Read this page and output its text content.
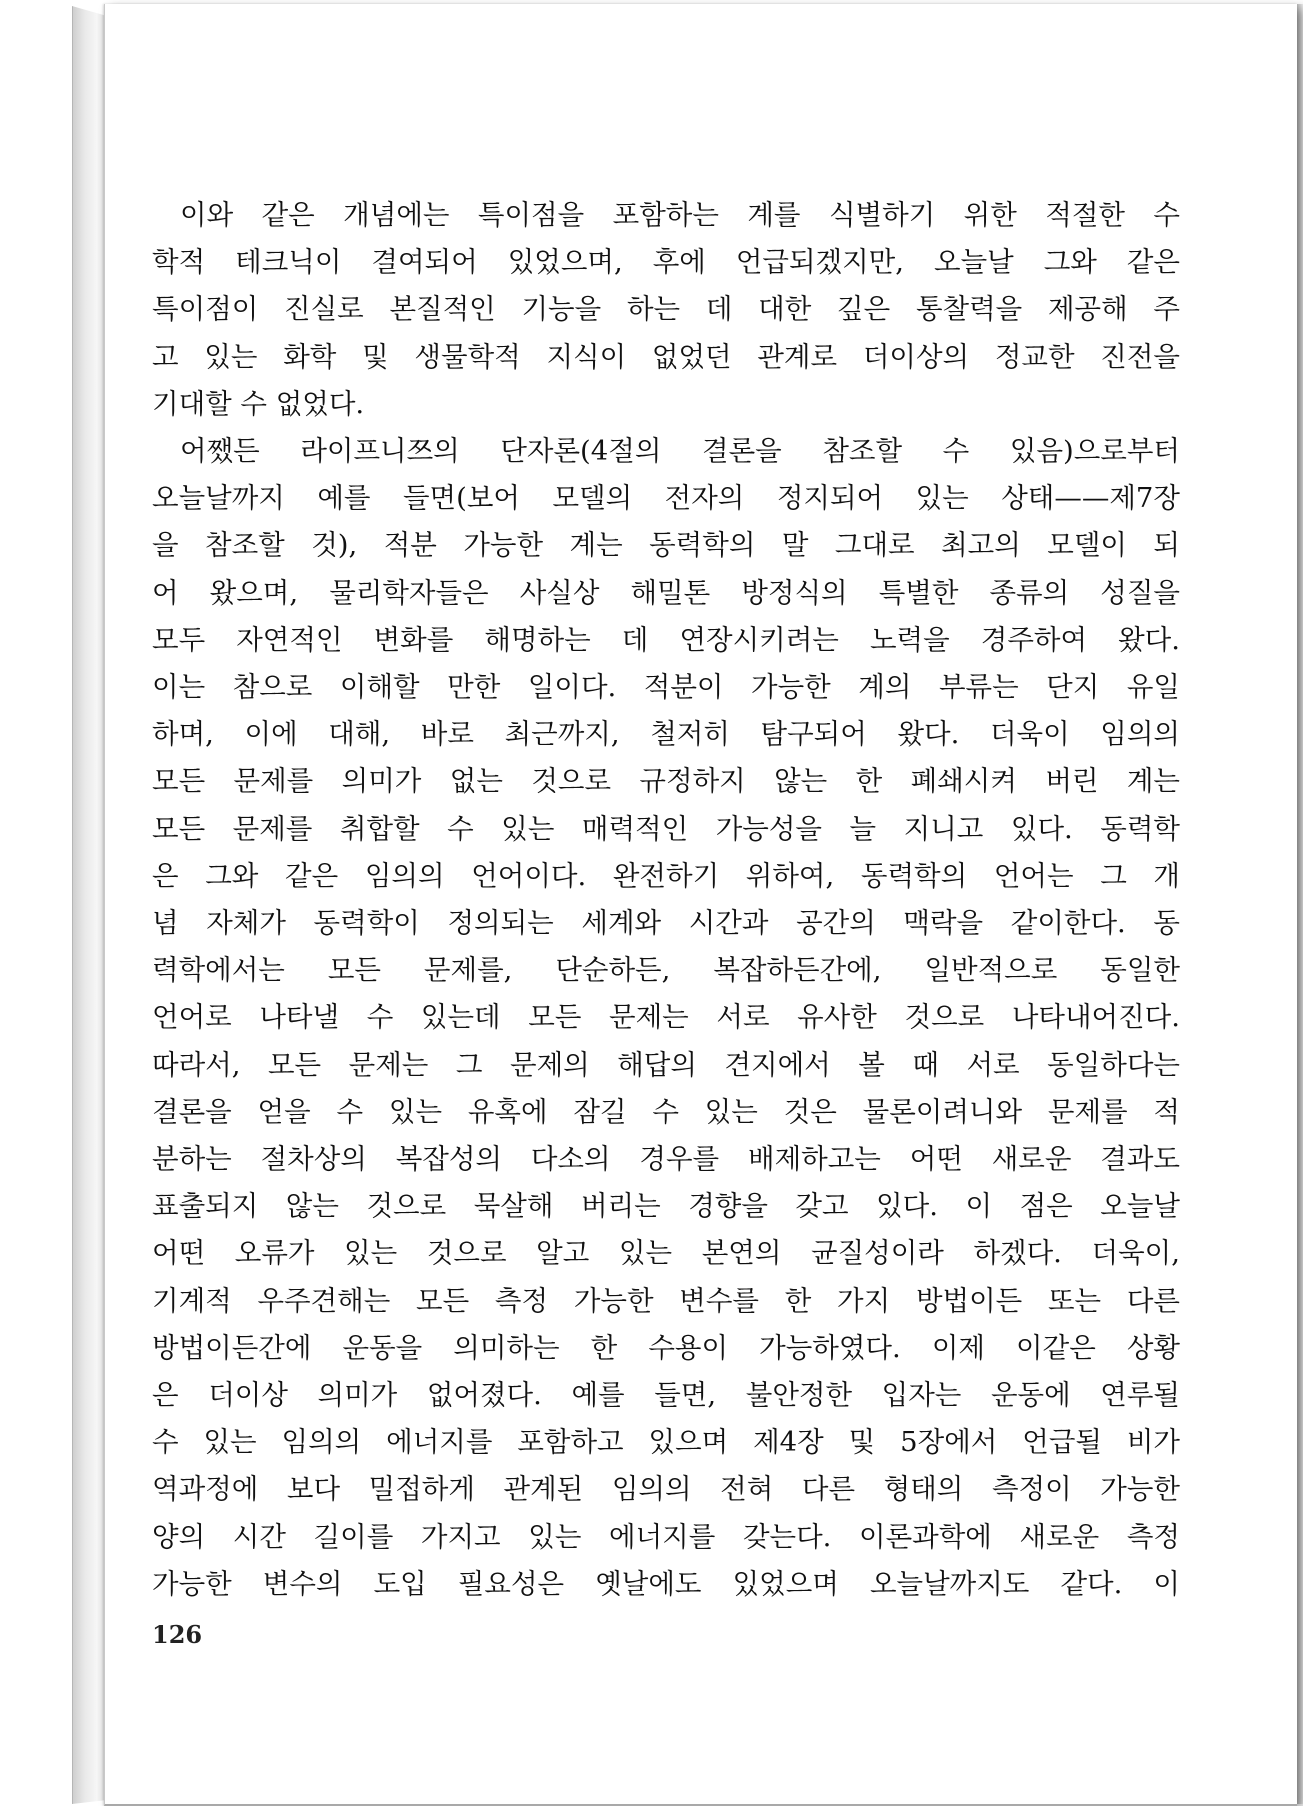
이와 같은 개념에는 특이점을 포함하는 계를 식별하기 위한 적절한 수
학적 테크닉이 결여되어 있었으며, 후에 언급되겠지만, 오늘날 그와 같은
특이점이 진실로 본질적인 기능을 하는 데 대한 깊은 통찰력을 제공해 주
고 있는 화학 및 생물학적 지식이 없었던 관계로 더이상의 정교한 진전을
기대할 수 없었다.
어쨌든 라이프니쯔의 단자론(4절의 결론을 참조할 수 있음)으로부터
오늘날까지 예를 들면(보어 모델의 전자의 정지되어 있는 상태——제7장
을 참조할 것), 적분 가능한 계는 동력학의 말 그대로 최고의 모델이 되
어 왔으며, 물리학자들은 사실상 해밀톤 방정식의 특별한 종류의 성질을
모두 자연적인 변화를 해명하는 데 연장시키려는 노력을 경주하여 왔다.
이는 참으로 이해할 만한 일이다. 적분이 가능한 계의 부류는 단지 유일
하며, 이에 대해, 바로 최근까지, 철저히 탐구되어 왔다. 더욱이 임의의
모든 문제를 의미가 없는 것으로 규정하지 않는 한 폐쇄시켜 버린 계는
모든 문제를 취합할 수 있는 매력적인 가능성을 늘 지니고 있다. 동력학
은 그와 같은 임의의 언어이다. 완전하기 위하여, 동력학의 언어는 그 개
념 자체가 동력학이 정의되는 세계와 시간과 공간의 맥락을 같이한다. 동
력학에서는 모든 문제를, 단순하든, 복잡하든간에, 일반적으로 동일한
언어로 나타낼 수 있는데 모든 문제는 서로 유사한 것으로 나타내어진다.
따라서, 모든 문제는 그 문제의 해답의 견지에서 볼 때 서로 동일하다는
결론을 얻을 수 있는 유혹에 잠길 수 있는 것은 물론이려니와 문제를 적
분하는 절차상의 복잡성의 다소의 경우를 배제하고는 어떤 새로운 결과도
표출되지 않는 것으로 묵살해 버리는 경향을 갖고 있다. 이 점은 오늘날
어떤 오류가 있는 것으로 알고 있는 본연의 균질성이라 하겠다. 더욱이,
기계적 우주견해는 모든 측정 가능한 변수를 한 가지 방법이든 또는 다른
방법이든간에 운동을 의미하는 한 수용이 가능하였다. 이제 이같은 상황
은 더이상 의미가 없어졌다. 예를 들면, 불안정한 입자는 운동에 연루될
수 있는 임의의 에너지를 포함하고 있으며 제4장 및 5장에서 언급될 비가
역과정에 보다 밀접하게 관계된 임의의 전혀 다른 형태의 측정이 가능한
양의 시간 길이를 가지고 있는 에너지를 갖는다. 이론과학에 새로운 측정
가능한 변수의 도입 필요성은 옛날에도 있었으며 오늘날까지도 같다. 이
126
